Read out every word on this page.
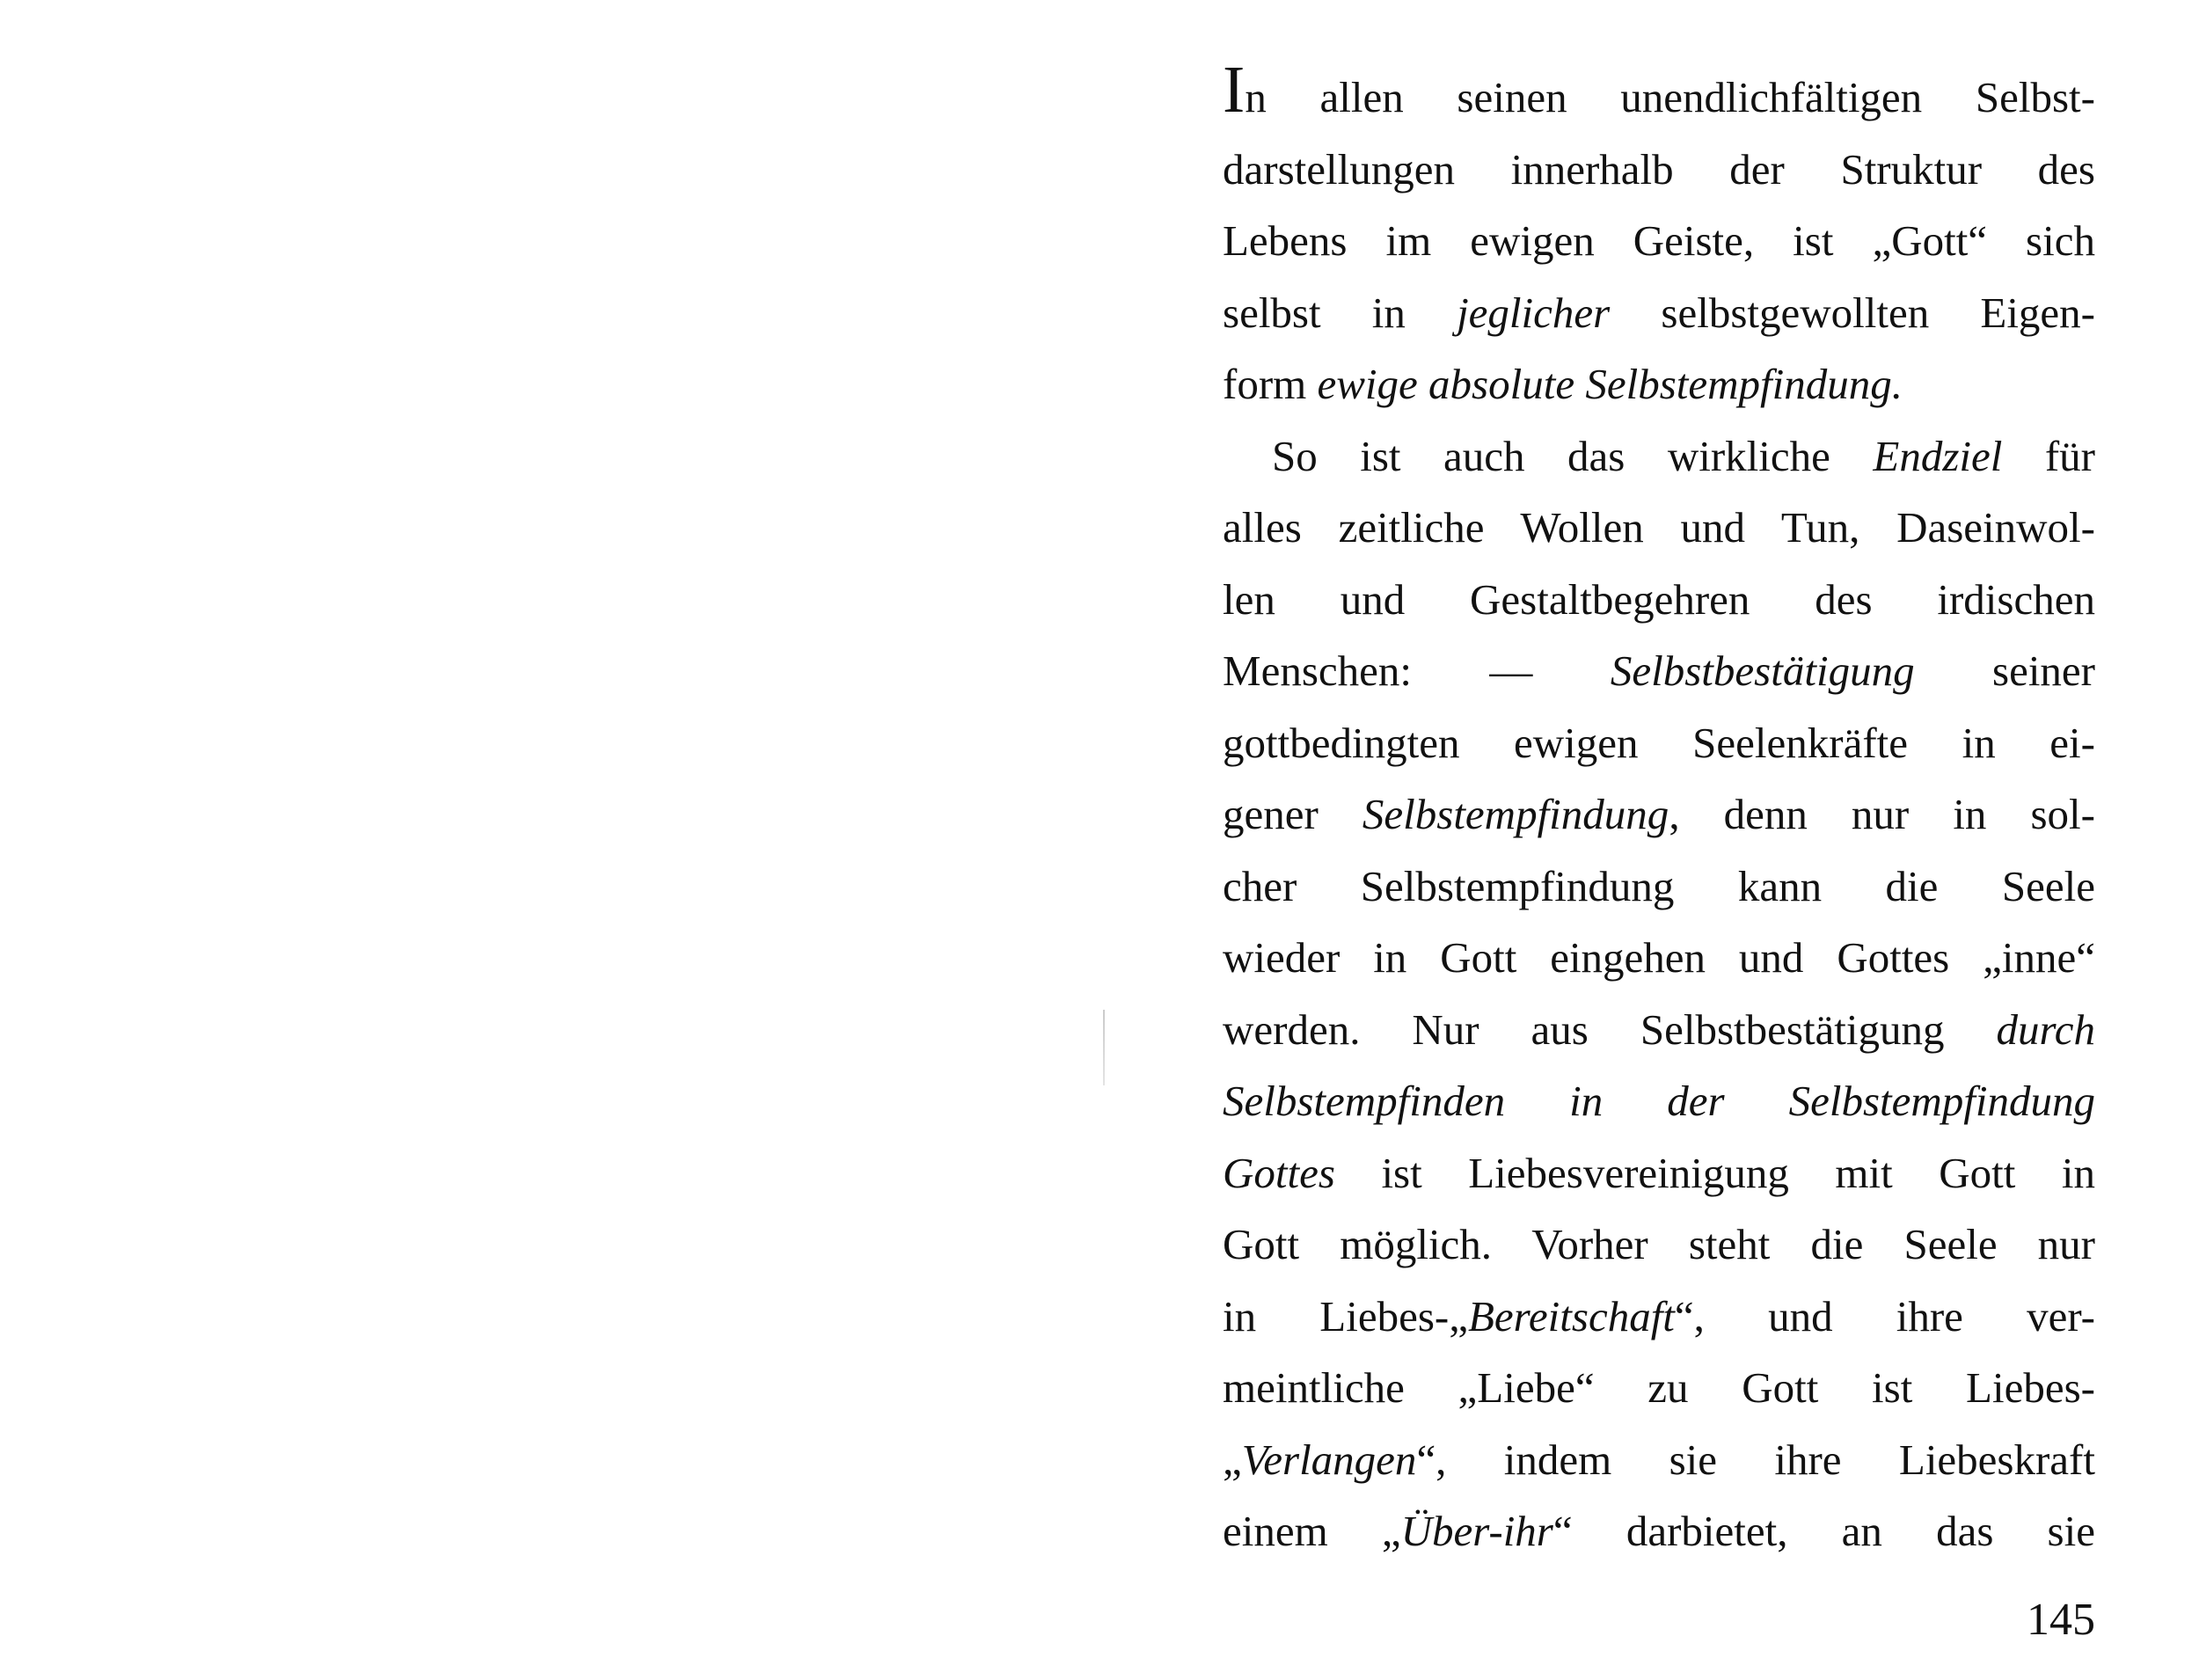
In allen seinen unendlichfältigen Selbst-
darstellungen innerhalb der Struktur des
Lebens im ewigen Geiste, ist „Gott“ sich
selbst in jeglicher selbstgewollten Eigen-
form ewige absolute Selbstempfindung.
So ist auch das wirkliche Endziel für
alles zeitliche Wollen und Tun, Daseinwol-
len und Gestaltbegehren des irdischen
Menschen: — Selbstbestätigung seiner
gottbedingten ewigen Seelenkräfte in ei-
gener Selbstempfindung, denn nur in sol-
cher Selbstempfindung kann die Seele
wieder in Gott eingehen und Gottes „inne“
werden. Nur aus Selbstbestätigung durch
Selbstempfinden in der Selbstempfindung
Gottes ist Liebesvereinigung mit Gott in
Gott möglich. Vorher steht die Seele nur
in Liebes-„Bereitschaft“, und ihre ver-
meintliche „Liebe“ zu Gott ist Liebes-
„Verlangen“, indem sie ihre Liebeskraft
einem „Über-ihr“ darbietet, an das sie
145
